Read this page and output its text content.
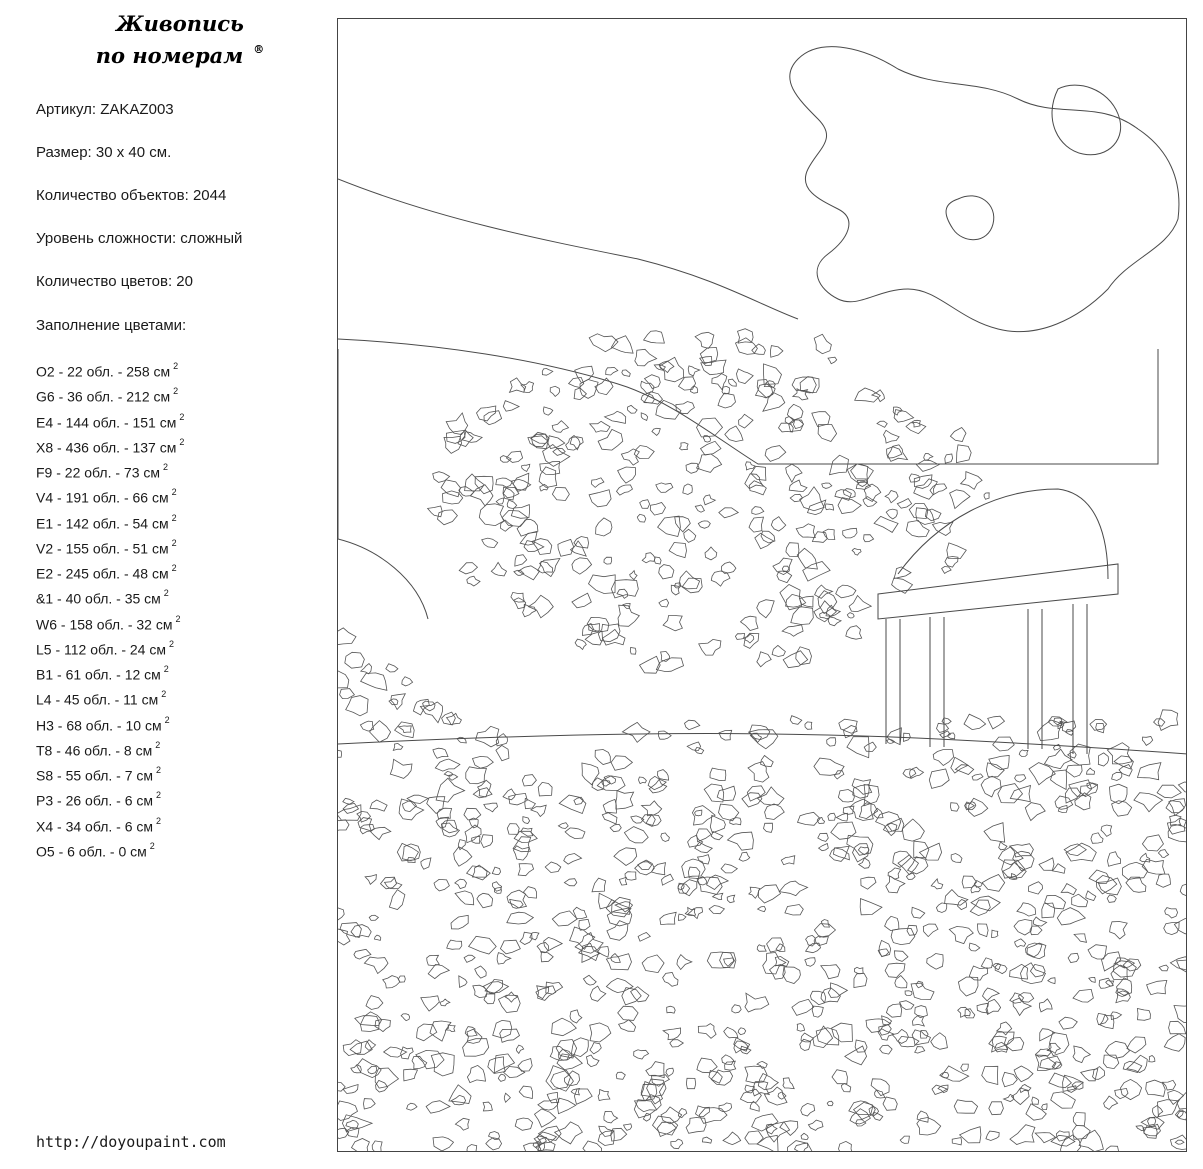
Живопись
по номерам ®
Артикул: ZAKAZ003
Размер: 30 х 40 см.
Количество объектов: 2044
Уровень сложности: сложный
Количество цветов: 20
Заполнение цветами:
O2 - 22 обл. - 258 см $^2$
G6 - 36 обл. - 212 см $^2$
E4 - 144 обл. - 151 см $^2$
X8 - 436 обл. - 137 см $^2$
F9 - 22 обл. - 73 см $^2$
V4 - 191 обл. - 66 см $^2$
E1 - 142 обл. - 54 см $^2$
V2 - 155 обл. - 51 см $^2$
E2 - 245 обл. - 48 см $^2$
&1 - 40 обл. - 35 см $^2$
W6 - 158 обл. - 32 см $^2$
L5 - 112 обл. - 24 см $^2$
B1 - 61 обл. - 12 см $^2$
L4 - 45 обл. - 11 см $^2$
H3 - 68 обл. - 10 см $^2$
T8 - 46 обл. - 8 см $^2$
S8 - 55 обл. - 7 см $^2$
P3 - 26 обл. - 6 см $^2$
X4 - 34 обл. - 6 см $^2$
O5 - 6 обл. - 0 см $^2$
http://doyoupaint.com
